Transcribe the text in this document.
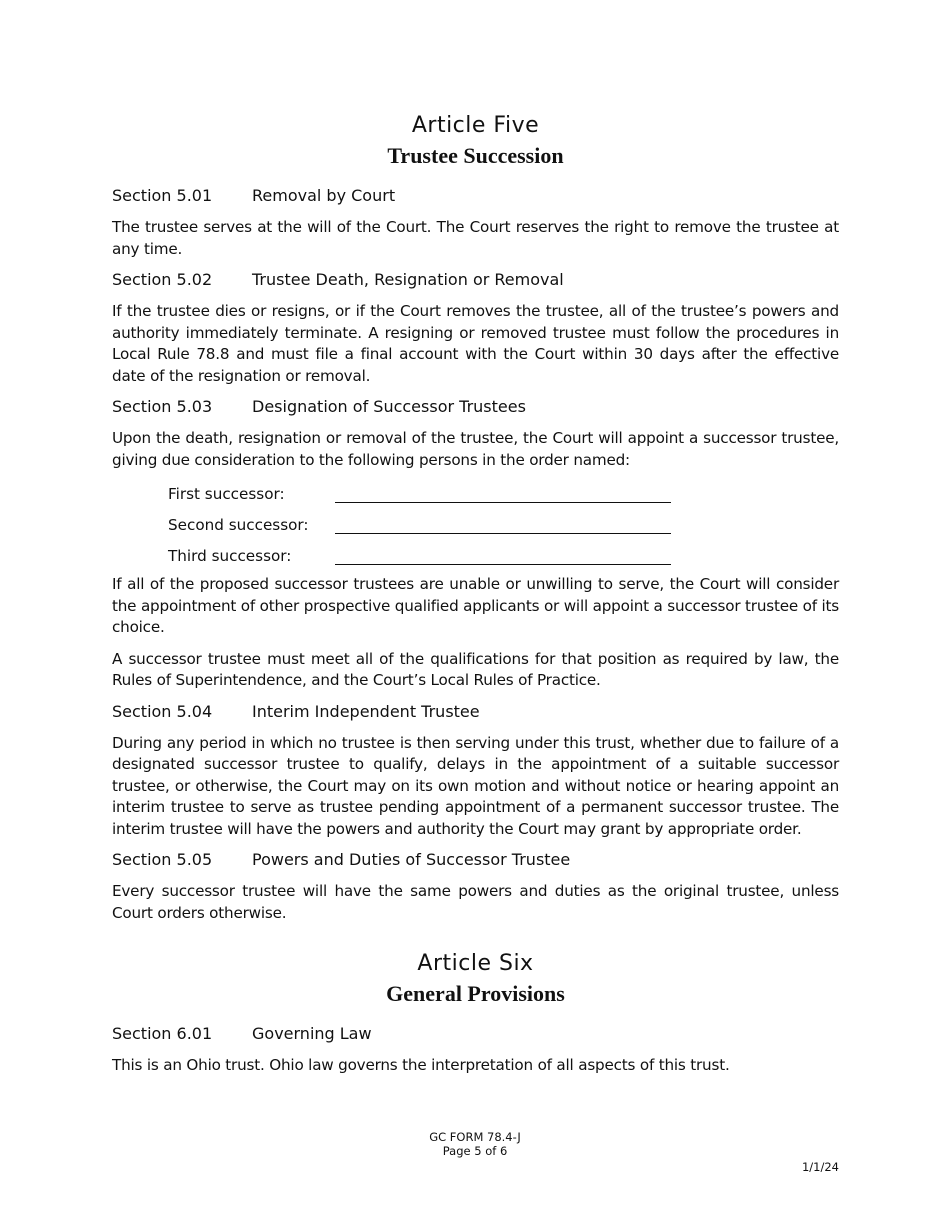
Article Five
Trustee Succession
Section 5.01	Removal by Court

The trustee serves at the will of the Court. The Court reserves the right to remove the trustee at any time.

Section 5.02	Trustee Death, Resignation or Removal

If the trustee dies or resigns, or if the Court removes the trustee, all of the trustee’s powers and authority immediately terminate. A resigning or removed trustee must follow the procedures in Local Rule 78.8 and must file a final account with the Court within 30 days after the effective date of the resignation or removal.

Section 5.03	Designation of Successor Trustees

Upon the death, resignation or removal of the trustee, the Court will appoint a successor trustee, giving due consideration to the following persons in the order named:

First successor:
Second successor:
Third successor:

If all of the proposed successor trustees are unable or unwilling to serve, the Court will consider the appointment of other prospective qualified applicants or will appoint a successor trustee of its choice.

A successor trustee must meet all of the qualifications for that position as required by law, the Rules of Superintendence, and the Court’s Local Rules of Practice.

Section 5.04	Interim Independent Trustee

During any period in which no trustee is then serving under this trust, whether due to failure of a designated successor trustee to qualify, delays in the appointment of a suitable successor trustee, or otherwise, the Court may on its own motion and without notice or hearing appoint an interim trustee to serve as trustee pending appointment of a permanent successor trustee. The interim trustee will have the powers and authority the Court may grant by appropriate order.

Section 5.05	Powers and Duties of Successor Trustee

Every successor trustee will have the same powers and duties as the original trustee, unless Court orders otherwise.

Article Six
General Provisions
Section 6.01	Governing Law

This is an Ohio trust. Ohio law governs the interpretation of all aspects of this trust.

GC FORM 78.4-J
Page 5 of 6
1/1/24
